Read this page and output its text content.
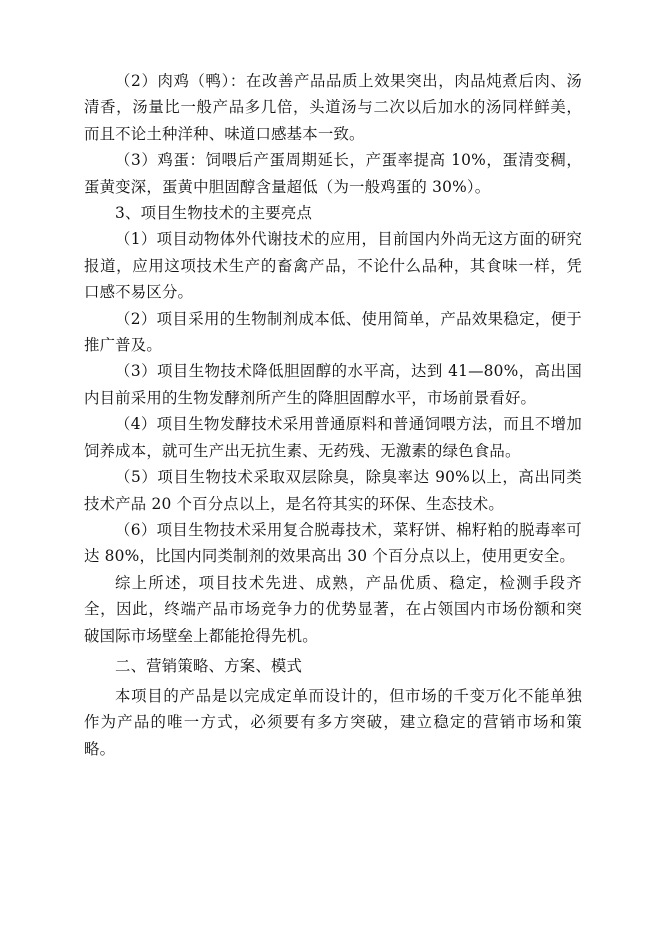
（2）肉鸡（鸭）：在改善产品品质上效果突出，肉品炖煮后肉、汤清香，汤量比一般产品多几倍，头道汤与二次以后加水的汤同样鲜美，而且不论土种洋种、味道口感基本一致。

（3）鸡蛋：饲喂后产蛋周期延长，产蛋率提高 10%，蛋清变稠，蛋黄变深，蛋黄中胆固醇含量超低（为一般鸡蛋的 30%）。

3、项目生物技术的主要亮点

（1）项目动物体外代谢技术的应用，目前国内外尚无这方面的研究报道，应用这项技术生产的畜禽产品，不论什么品种，其食味一样，凭口感不易区分。

（2）项目采用的生物制剂成本低、使用简单，产品效果稳定，便于推广普及。

（3）项目生物技术降低胆固醇的水平高，达到 41—80%，高出国内目前采用的生物发酵剂所产生的降胆固醇水平，市场前景看好。

（4）项目生物发酵技术采用普通原料和普通饲喂方法，而且不增加饲养成本，就可生产出无抗生素、无药残、无激素的绿色食品。

（5）项目生物技术采取双层除臭，除臭率达 90%以上，高出同类技术产品 20 个百分点以上，是名符其实的环保、生态技术。

（6）项目生物技术采用复合脱毒技术，菜籽饼、棉籽粕的脱毒率可达 80%，比国内同类制剂的效果高出 30 个百分点以上，使用更安全。

综上所述，项目技术先进、成熟，产品优质、稳定，检测手段齐全，因此，终端产品市场竞争力的优势显著，在占领国内市场份额和突破国际市场壁垒上都能抢得先机。

二、营销策略、方案、模式

本项目的产品是以完成定单而设计的，但市场的千变万化不能单独作为产品的唯一方式，必须要有多方突破，建立稳定的营销市场和策略。
